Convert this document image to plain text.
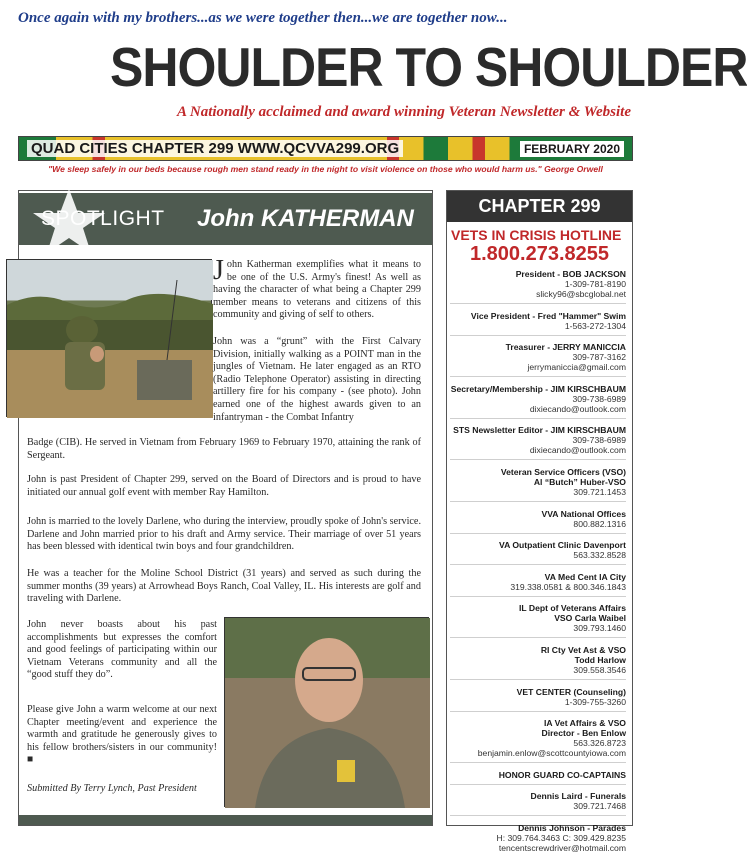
Once again with my brothers...as we were together then...we are together now...
SHOULDER TO SHOULDER
A Nationally acclaimed and award winning Veteran Newsletter & Website
QUAD CITIES CHAPTER 299 WWW.QCVVA299.ORG	FEBRUARY 2020
"We sleep safely in our beds because rough men stand ready in the night to visit violence on those who would harm us." George Orwell
SPOTLIGHT John KATHERMAN
John Katherman exemplifies what it means to be one of the U.S. Army's finest! As well as having the character of what being a Chapter 299 member means to veterans and citizens of this community and giving of self to others.
John was a “grunt” with the First Calvary Division, initially walking as a POINT man in the jungles of Vietnam. He later engaged as an RTO (Radio Telephone Operator) assisting in directing artillery fire for his company - (see photo). John earned one of the highest awards given to an infantryman - the Combat Infantry
Badge (CIB). He served in Vietnam from February 1969 to February 1970, attaining the rank of Sergeant.
John is past President of Chapter 299, served on the Board of Directors and is proud to have initiated our annual golf event with member Ray Hamilton.
John is married to the lovely Darlene, who during the interview, proudly spoke of John's service. Darlene and John married prior to his draft and Army service. Their marriage of over 51 years has been blessed with identical twin boys and four grandchildren.
He was a teacher for the Moline School District (31 years) and served as such during the summer months (39 years) at Arrowhead Boys Ranch, Coal Valley, IL. His interests are golf and traveling with Darlene.
John never boasts about his past accomplishments but expresses the comfort and good feelings of participating within our Vietnam Veterans community and all the “good stuff they do”.
Please give John a warm welcome at our next Chapter meeting/event and experience the warmth and gratitude he generously gives to his fellow brothers/sisters in our community! ■
Submitted By Terry Lynch, Past President
CHAPTER 299
VETS IN CRISIS HOTLINE
1.800.273.8255
President - BOB JACKSON
1-309-781-8190
slicky96@sbcglobal.net
Vice President - Fred "Hammer" Swim
1-563-272-1304
Treasurer - JERRY MANICCIA
309-787-3162
jerrymaniccia@gmail.com
Secretary/Membership - JIM KIRSCHBAUM
309-738-6989
dixiecando@outlook.com
STS Newsletter Editor - JIM KIRSCHBAUM
309-738-6989
dixiecando@outlook.com
Veteran Service Officers (VSO)
Al “Butch” Huber-VSO
309.721.1453
VVA National Offices
800.882.1316
VA Outpatient Clinic Davenport
563.332.8528
VA Med Cent IA City
319.338.0581 & 800.346.1843
IL Dept of Veterans Affairs
VSO Carla Waibel
309.793.1460
RI Cty Vet Ast & VSO
Todd Harlow
309.558.3546
VET CENTER (Counseling)
1-309-755-3260
IA Vet Affairs & VSO
Director - Ben Enlow
563.326.8723
benjamin.enlow@scottcountyiowa.com
HONOR GUARD CO-CAPTAINS
Dennis Laird - Funerals
309.721.7468
Dennis Johnson - Parades
H: 309.764.3463 C: 309.429.8235
tencentscrewdriver@hotmail.com
